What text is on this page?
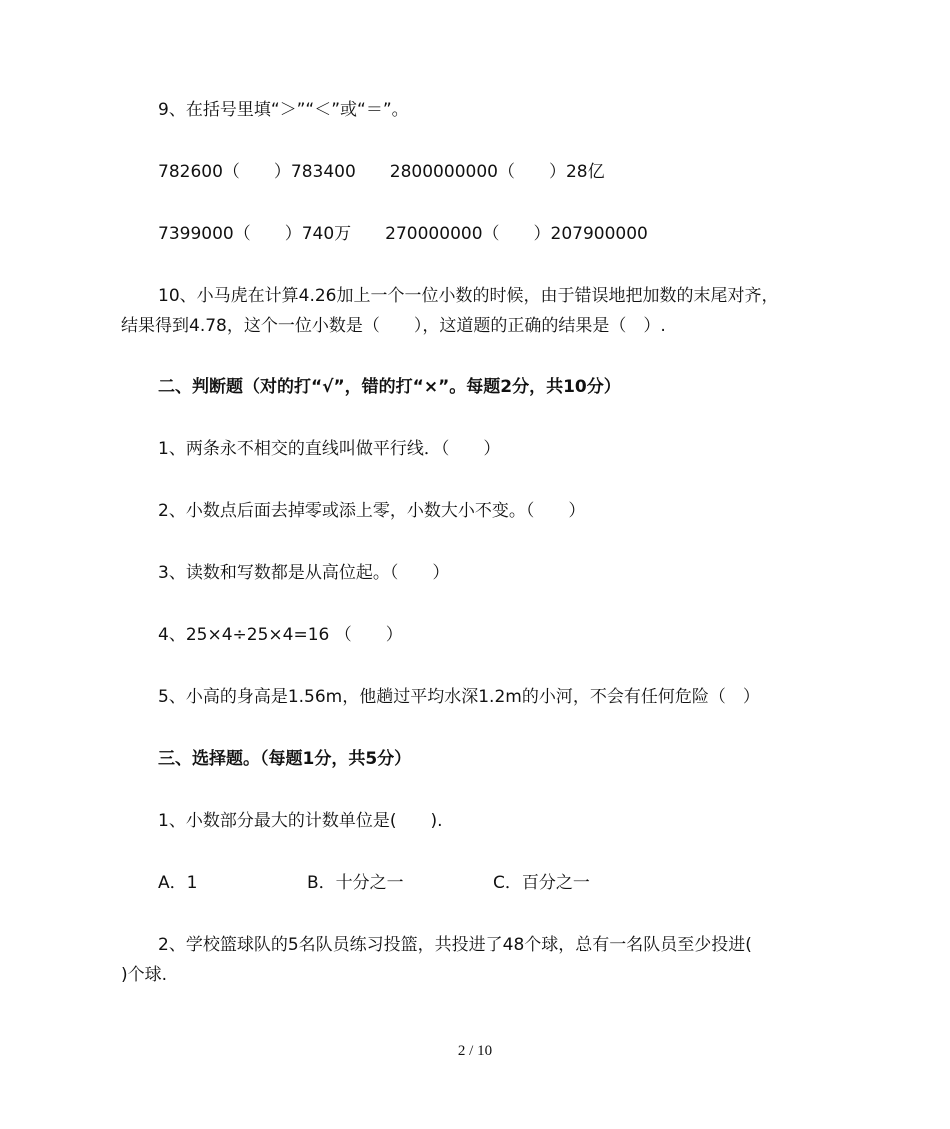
9、在括号里填“＞”“＜”或“＝”。
782600（　　）783400 2800000000（　　）28亿
7399000（　　）740万 270000000（　　）207900000
10、小马虎在计算4.26加上一个一位小数的时候，由于错误地把加数的末尾对齐，
结果得到4.78，这个一位小数是（　　），这道题的正确的结果是（　）.
二、判断题（对的打“√”，错的打“×”。每题2分，共10分）
1、两条永不相交的直线叫做平行线．（　　）
2、小数点后面去掉零或添上零，小数大小不变。（　　）
3、读数和写数都是从高位起。（　　）
4、25×4÷25×4=16 （　　）
5、小高的身高是1.56m，他趟过平均水深1.2m的小河，不会有任何危险（　）
三、选择题。（每题1分，共5分）
1、小数部分最大的计数单位是(　　).
A．1	B．十分之一	C．百分之一
2、学校篮球队的5名队员练习投篮，共投进了48个球，总有一名队员至少投进(
)个球.
2 / 10
